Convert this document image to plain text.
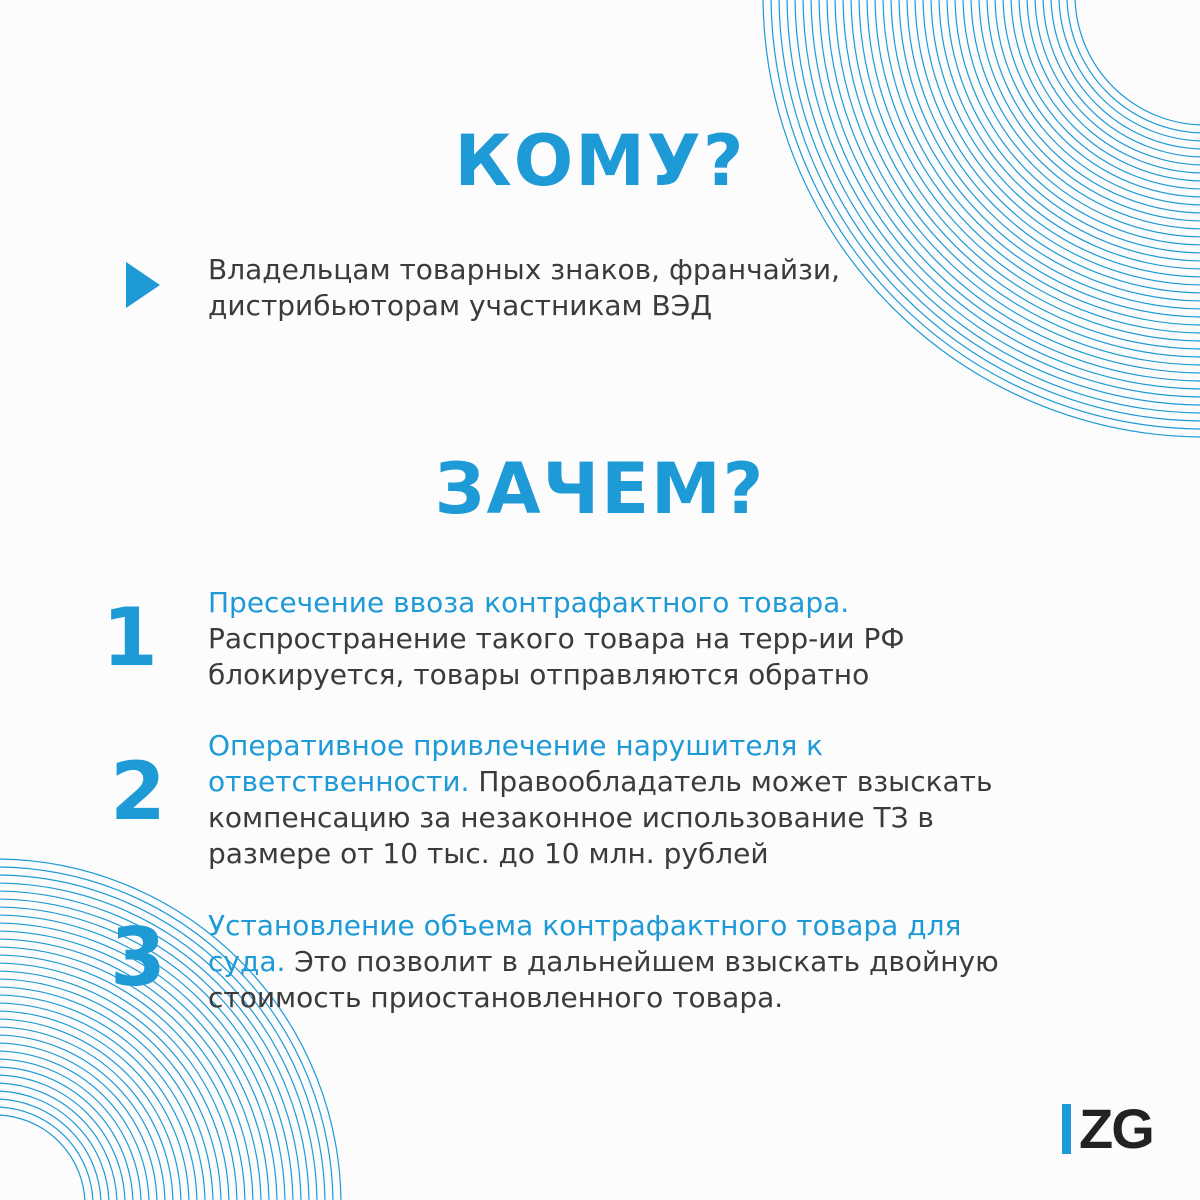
КОМУ?

Владельцам товарных знаков, франчайзи,
дистрибьюторам участникам ВЭД

ЗАЧЕМ?
1	Пресечение ввоза контрафактного товара.
Распространение такого товара на терр-ии РФ
блокируется, товары отправляются обратно

2	Оперативное привлечение нарушителя к
ответственности. Правообладатель может взыскать
компенсацию за незаконное использование ТЗ в
размере от 10 тыс. до 10 млн. рублей

3	Установление объема контрафактного товара для
суда. Это позволит в дальнейшем взыскать двойную
стоимость приостановленного товара.

ZG
